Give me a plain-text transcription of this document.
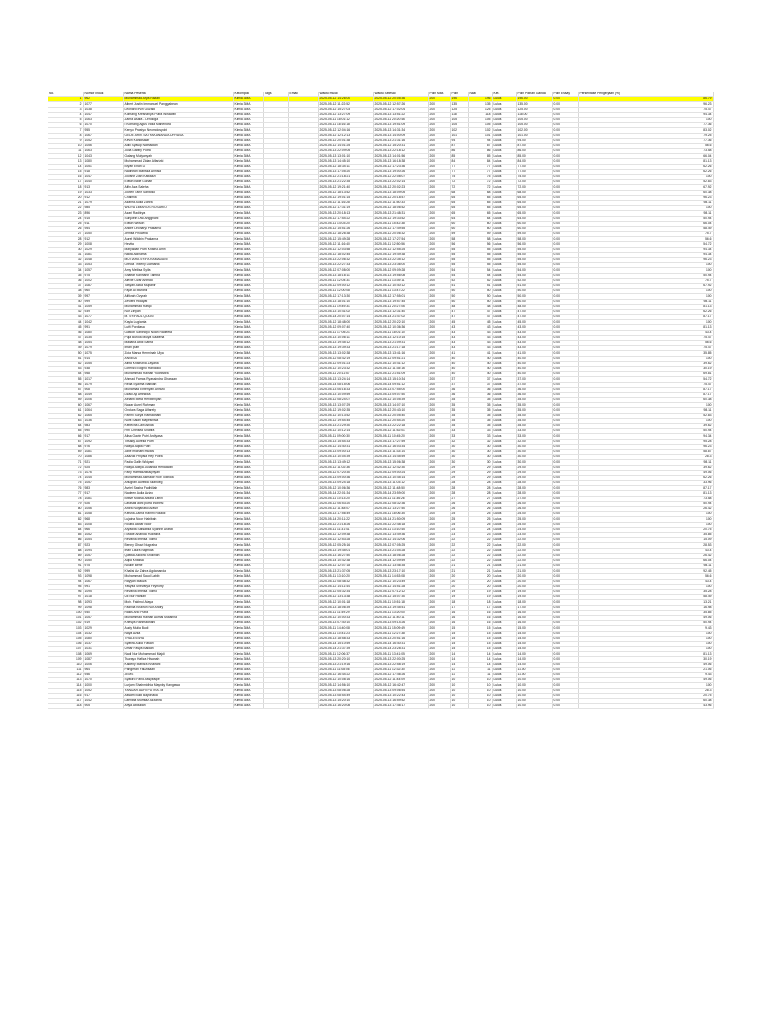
No.	Nomor Induk	Nama Peserta	Kelompok	Tags	Email	Waktu mulai	Waktu Selesai	Poin Max.	Poin	Nilai	Ket.	Poin Pilihan Ganda	Poin Essay	Persentase Pengerjaan (%)
1	962	Muhammad Arya Razan	Kimia 3MA			2025-05-12 14:26:00	2025-05-12 20:05:36	200	196	196	Lulus	196.00	0.00	86.79
2	1077	Albert Justin Immanuel Panggabean	Kimia 3MA			2025-05-12 11:22:52	2025-05-12 12:57:26	200	135	135	Lulus	135.00	0.00	96.23
3	1038	Leonard Irvin Guzadi	Kimia 3MA			2025-05-12 15:27:03	2025-05-12 17:02:04	200	125	125	Lulus	125.00	0.00	75.47
4	1047	Komang Kresnanya Putra Wirawan	Kimia 3MA			2025-05-12 13:27:09	2025-05-13 13:51:22	200	118	118	Lulus	118.00	0.00	94.34
5	1063	Zahra Asafa - Lendoga	Kimia 3MA			2025-05-11 18:01:12	2025-05-11 20:20:46	200	105	105	Lulus	105.00	0.00	100
6	1070	I Komang Agus Vidia Mahendra	Kimia 3MA			2025-05-11 18:16:18	2025-05-13 19:51:09	200	105	105	Lulus	105.00	0.00	77.36
7	955	Kenyo Prastyo Neomdosyobi	Kimia 3MA			2025-05-12 12:04:16	2025-05-13 14:31:34	200	102	102	Lulus	102.00	0.00	83.02
8	1067	GEDE ARIK SATYAKANANDA DHYASA	Kimia 3MA			2025-05-12 12:12:13	2025-05-13 14:00:09	200	101	101	Lulus	101.00	0.00	79.25
9	1052	Kevin Kandisaiar	Kimia 3MA			2025-05-12 20:01:38	2025-05-13 21:31:16	200	94	94	Lulus	94.00	0.00	77.36
10	1056	Adlil Syauqi Nathadian	Kimia 3MA			2025-05-12 14:01:25	2025-05-12 15:20:31	200	87	87	Lulus	87.00	0.00	56.6
11	1063	Julia Gabby Putra	Kimia 3MA			2025-05-13 22:09:05	2025-05-13 22:18:12	200	86	86	Lulus	86.00	0.00	73.58
12	1043	Galang Mulyanyah	Kimia 3MA			2025-05-13 13:01:10	2025-05-13 14:01:56	200	85	85	Lulus	85.00	0.00	66.04
13	1080	Muhammad Zidan Alfarizki	Kimia 3MA			2025-05-13 14:45:10	2025-05-13 16:18:38	200	84	84	Lulus	84.00	0.00	81.13
14	1051	Bryan Erlan Li	Kimia 3MA			2025-05-12 18:34:11	2025-05-12 17:23:36	200	77	77	Lulus	77.00	0.00	62.26
15	918	Nadhifah Marissa Annisa	Kimia 3MA			2025-05-13 17:05:20	2025-05-13 19:00:26	200	77	77	Lulus	77.00	0.00	62.26
16	1047	Jovahir Zian Kawazzi	Kimia 3MA			2025-05-12 21:18:21	2025-05-12 22:08:07	200	75	75	Lulus	75.00	0.00	100
17	1040	Edwin Billie Gunari	Kimia 3MA			2025-05-13 21:22:35	2025-05-13 22:02:14	200	72	72	Lulus	72.00	0.00	52.83
18	913	Alfin Aza Saleha	Kimia 3MA			2025-05-12 19:21:40	2025-05-12 20:02:23	200	72	72	Lulus	72.00	0.00	67.92
19	1033	Jovien Tahir Santoso	Kimia 3MA			2025-05-12 18:13:52	2025-05-13 18:09:05	200	68	68	Lulus	68.00	0.00	60.38
20	912	Chaimia	Kimia 3MA			2025-05-12 19:01:15	2025-05-12 20:18:57	200	65	65	Lulus	65.00	0.00	96.23
21	1079	Azahra Aulia Zahra	Kimia 3MA			2025-05-12 11:16:28	2025-05-12 11:50:33	200	65	65	Lulus	65.00	0.00	98.11
22	985	WIDYA LIMAROS ROSARIO	Kimia 3MA			2025-05-12 17:31:19	2025-05-12 18:06:52	200	65	65	Lulus	65.00	0.00	100
23	896	Azari Raditrya	Kimia 3MA			2025-05-13 20:18:13	2025-05-13 21:48:31	200	65	65	Lulus	65.00	0.00	98.11
24	915	Sunjoein Dwi Anggriani	Kimia 3MA			2025-05-12 17:54:22	2025-05-12 19:33:52	200	64	64	Lulus	64.00	0.00	50.94
25	911	Edwin Wilson	Kimia 3MA			2025-05-11 14:03:20	2025-05-11 15:42:38	200	60	60	Lulus	60.00	0.00	66.04
26	954	Andre Leonaryl Prakarno	Kimia 3MA			2025-05-12 15:51:26	2025-05-12 17:49:55	200	60	60	Lulus	60.00	0.00	58.49
27	1050	Jemita Phowiria	Kimia 3MA			2025-05-12 18:26:38	2025-05-12 20:06:32	200	59	59	Lulus	59.00	0.00	75.7
28	912	Aurel Wikibin Prakarna	Kimia 3MA			2025-05-12 15:49:28	2025-05-12 17:27:54	200	58	58	Lulus	58.00	0.00	56.6
29	1008	Hevita	Kimia 3MA			2025-05-12 11:16:40	2025-05-11 12:50:56	200	56	56	Lulus	56.00	0.00	54.72
30	1029	Maryadah Putri Khairul Amri	Kimia 3MA			2025-05-12 12:03:58	2025-05-12 12:55:25	200	55	55	Lulus	55.00	0.00	94.34
31	1081	Nikita Aldhama	Kimia 3MA			2025-05-12 18:02:45	2025-05-12 19:49:38	200	55	55	Lulus	55.00	0.00	94.34
32	1048	MUTIARA SYIFA RAMADANI	Kimia 3MA			2025-05-13 22:06:32	2025-05-13 22:35:12	200	55	55	Lulus	55.00	0.00	96.23
33	1053	Grecia Trixeny Damanik	Kimia 3MA			2025-05-13 22:27:33	2025-05-13 23:36:00	200	55	55	Lulus	55.00	0.00	100
34	1057	Amy Meilisa Syifa	Kimia 3MA			2025-05-12 07:08:00	2025-05-12 09:09:28	200	54	54	Lulus	54.00	0.00	100
35	975	Shaffar Kahriann Tamba	Kimia 3MA			2025-05-13 18:16:11	2025-05-13 19:56:08	200	54	54	Lulus	54.00	0.00	50.94
36	1002	Alexie Ozar Ahmad	Kimia 3MA			2025-05-11 12:04:31	2025-05-11 13:39:11	200	52	52	Lulus	52.00	0.00	75.7
37	1087	Tasyah Azka Mujtahir	Kimia 3MA			2025-05-12 09:00:12	2025-05-12 10:40:12	200	51	51	Lulus	51.00	0.00	67.92
38	960	Fajar Al Mufdhil	Kimia 3MA			2025-05-11 12:00:08	2025-05-11 13:47:22	200	50	50	Lulus	50.00	0.00	100
39	997	Alfikrah Ozyrah	Kimia 3MA			2025-05-12 17:13:30	2025-05-12 17:55:01	200	50	50	Lulus	50.00	0.00	100
40	999	Zevieril Hidayat	Kimia 3MA			2025-05-13 18:01:10	2025-05-13 19:57:45	200	50	50	Lulus	50.00	0.00	98.11
41	1059	Muhammad Rafqo	Kimia 3MA			2025-05-11 19:49:31	2025-05-11 20:27:06	200	48	48	Lulus	48.00	0.00	81.13
42	939	Nur Zinyah	Kimia 3MA			2025-05-13 10:41:02	2025-05-13 12:31:40	200	47	47	Lulus	47.00	0.00	62.26
43	1077	M. SYIFAUL QOLBI	Kimia 3MA			2025-05-14 20:07:14	2025-05-14 21:47:02	200	47	47	Lulus	47.00	0.00	87.17
44	1042	Kayla Lugianta	Kimia 3MA			2025-05-12 18:48:00	2025-05-12 20:22:10	200	45	45	Lulus	45.00	0.00	100
45	991	Lutfi Pordiasa	Kimia 3MA			2025-05-12 09:07:40	2025-05-12 10:36:36	200	43	43	Lulus	43.00	0.00	81.13
46	1080	Gaston Sarlindyo Noah Radeeta	Kimia 3MA			2025-05-11 17:05:21	2025-05-11 18:01:10	200	43	43	Lulus	43.00	0.00	43.4
47	1035	Puja Burola Mulya Saaiena	Kimia 3MA			2025-05-13 10:06:11	2025-05-13 12:10:15	200	43	43	Lulus	43.00	0.00	75.47
48	1054	Maliana Abdi Safira	Kimia 3MA			2025-05-13 19:45:12	2025-05-13 21:09:31	200	43	43	Lulus	43.00	0.00	56.6
49	1079	Intan putri	Kimia 3MA			2025-05-13 19:39:33	2025-05-13 21:17:18	200	43	43	Lulus	43.00	0.00	75.47
50	1075	Zoia Marsa Herminah Ulya	Kimia 3MA			2025-05-13 13:02:38	2025-05-13 13:41:16	200	41	41	Lulus	41.00	0.00	35.85
51	914	ANNISA	Kimia 3MA			2025-05-12 08:42:19	2025-05-12 09:51:21	200	40	40	Lulus	40.00	0.00	100
52	1055	Alfita Khairunia Zayana	Kimia 3MA			2025-05-12 09:01:23	2025-05-12 10:41:12	200	40	40	Lulus	40.00	0.00	39.62
53	938	Lorenzo Edgrio Handoko	Kimia 3MA			2025-05-12 10:23:32	2025-05-12 11:35:16	200	40	40	Lulus	40.00	0.00	30.19
54	958	Muhammad Raihan Yudhistira	Kimia 3MA			2025-05-11 20:11:57	2025-05-12 21:51:09	200	40	40	Lulus	40.00	0.00	69.81
55	1017	Ahmad Farras Ryassindra Ghassan	Kimia 3MA			2025-05-13 13:24:14	2025-05-13 15:10:34	200	37	37	Lulus	37.00	0.00	54.72
56	1079	Reda Syaima Nabilah	Kimia 3MA			2025-05-14 08:15:06	2025-05-14 09:51:12	200	37	37	Lulus	37.00	0.00	75.47
57	908	Muhamad Entenyah Annizo	Kimia 3MA			2025-05-13 06:16:33	2025-05-13 07:55:00	200	36	36	Lulus	36.00	0.00	87.17
58	1049	Dzaki Aji Affindika	Kimia 3MA			2025-05-13 10:09:59	2025-05-13 09:07:50	200	36	36	Lulus	36.00	0.00	87.17
59	1006	Afrianti Meta Herwinnyah	Kimia 3MA			2025-05-12 08:24:07	2025-05-12 10:05:39	200	35	35	Lulus	35.00	0.00	60.38
60	1067	Nazar Aurel Rahman	Kimia 3MA			2025-05-13 13:07:29	2025-05-13 14:07:10	200	35	35	Lulus	35.00	0.00	100
61	1064	Ondura Saga Alfarely	Kimia 3MA			2025-05-12 19:02:35	2025-05-12 20:43:10	200	35	35	Lulus	35.00	0.00	98.11
62	1065	Fahmi Surya Ramadhani	Kimia 3MA			2025-05-12 10:13:52	2025-05-12 20:05:40	200	35	35	Lulus	35.00	0.00	52.83
63	1036	Nurit Salah Mayesinsia	Kimia 3MA			2025-05-12 19:54:45	2025-05-12 20:54:20	200	35	35	Lulus	35.00	0.00	100
64	983	Kebecha Laifi Abida	Kimia 3MA			2025-05-13 21:29:30	2025-05-13 22:22:18	200	35	35	Lulus	35.00	0.00	39.62
65	990	Fitri Chelsea Shafira	Kimia 3MA			2025-05-12 10:12:14	2025-05-12 11:52:01	200	33	33	Lulus	33.00	0.00	50.94
66	917	Alisa Gavin Putri Ardiyasa	Kimia 3MA			2025-05-11 09:00:30	2025-05-11 10:45:20	200	33	33	Lulus	33.00	0.00	94.34
67	1092	Titsady Aurelia Putri	Kimia 3MA			2025-05-13 15:54:33	2025-05-13 17:27:59	200	32	32	Lulus	32.00	0.00	95.28
68	976	Nasya Aqilla Putri	Kimia 3MA			2025-05-12 14:40:31	2025-05-12 16:03:34	200	30	30	Lulus	30.00	0.00	96.23
69	1081	Jaxe michael mulkis	Kimia 3MA			2025-05-13 09:00:13	2025-05-13 11:33:14	200	30	30	Lulus	30.00	0.00	58.87
70	1086	Zaazuk Pinyala Hey Putra	Kimia 3MA			2025-05-13 10:04:39	2025-05-13 14:45:59	200	30	30	Lulus	30.00	0.00	28.3
71	921	Fadia Galih Widyani	Kimia 3MA			2025-05-13 13:49:12	2025-05-13 15:06:38	200	30	30	Lulus	30.00	0.00	98.11
72	925	Rasya Aditya Julianda Herdawan	Kimia 3MA			2025-05-12 11:02:36	2025-05-12 12:42:30	200	29	29	Lulus	29.00	0.00	39.62
73	1076	Fahy Hafmidzatusyhyah	Kimia 3MA			2025-05-12 07:20:30	2025-05-12 09:00:24	200	29	29	Lulus	29.00	0.00	49.06
74	1045	Muhammad Akmadir Rolf Tolindia	Kimia 3MA			2025-05-13 09:00:36	2025-05-13 10:45:14	200	29	29	Lulus	29.00	0.00	62.26
75	1057	Anugrah Aurellia Silahoeg	Kimia 3MA			2025-05-13 09:24:18	2025-05-13 11:03:12	200	28	28	Lulus	28.00	0.00	33.96
76	983	Avriel Sasha Fadhillah	Kimia 3MA			2025-05-12 10:06:36	2025-05-12 11:48:50	200	28	28	Lulus	28.00	0.00	87.17
77	917	Nadeen Aulia Azizo	Kimia 3MA			2025-05-14 22:01:34	2025-05-14 23:59:00	200	28	28	Lulus	28.00	0.00	81.13
78	1081	Brave Moksa Abiara Lithin	Kimia 3MA			2025-05-11 10:13:20	2025-05-11 11:36:26	200	27	27	Lulus	27.00	0.00	73.58
79	926	Larasati adhi putra Inonesi	Kimia 3MA			2025-05-12 06:53:20	2025-05-12 08:32:36	200	26	26	Lulus	26.00	0.00	50.94
80	1056	Ardra Nurjanatul Arasif	Kimia 3MA			2025-05-12 11:48:07	2025-05-12 13:27:50	200	26	26	Lulus	26.00	0.00	26.42
81	1058	Keisha Zahra Rahmi Rizaldi	Kimia 3MA			2025-05-13 17:56:49	2025-05-11 18:06:35	200	25	25	Lulus	25.00	0.00	100
82	968	Lujaina Noor Habibah	Kimia 3MA			2025-05-14 20:11:22	2025-05-14 21:50:09	200	25	25	Lulus	25.00	0.00	100
83	1008	Roufid Akbar Noor	Kimia 3MA			2025-05-12 21:18:26	2025-05-12 22:48:18	200	25	25	Lulus	25.00	0.00	100
84	966	Aryadita Satsabila Syahrih Arafat	Kimia 3MA			2025-05-11 11:31:41	2025-05-11 13:10:45	200	24	24	Lulus	24.00	0.00	20.75
85	1052	I Made Ananda Yudistira	Kimia 3MA			2025-05-12 12:09:38	2025-05-12 13:49:36	200	23	23	Lulus	23.00	0.00	35.85
86	1054	Revania Imelsa Tiomo	Kimia 3MA			2025-05-12 12:53:28	2025-05-12 14:32:06	200	22	22	Lulus	22.00	0.00	15.09
87	923	Benny Ghazi Nugraha	Kimia 3MA			2025-05-12 05:25:16	2025-05-12 07:05:25	200	22	22	Lulus	22.00	0.00	28.53
88	1094	Irtan Laura Najmida	Kimia 3MA			2025-05-13 19:45:01	2025-05-13 21:04:28	200	22	22	Lulus	22.00	0.00	43.4
89	1057	Qaswa Alodira Sholihah	Kimia 3MA			2025-05-13 16:27:50	2025-05-13 18:06:28	200	22	22	Lulus	22.00	0.00	26.42
90	1050	Aqila Khassa	Kimia 3MA			2025-05-14 10:42:38	2025-05-14 12:09:59	200	22	22	Lulus	22.00	0.00	66.04
91	975	Noulie Bene	Kimia 3MA			2025-05-12 12:07:18	2025-05-12 13:46:35	200	21	21	Lulus	21.00	0.00	98.11
92	999	Khalisi Az Zahra Agdananda	Kimia 3MA			2025-05-13 21:37:05	2025-05-13 23:17:10	200	21	21	Lulus	21.00	0.00	92.45
93	1098	Muhammad Saud Labib	Kimia 3MA			2025-05-11 13:10:20	2025-05-11 14:53:08	200	20	20	Lulus	20.00	0.00	56.6
94	1067	Rayyan Mauza	Kimia 3MA			2025-05-12 08:48:32	2025-05-12 10:23:49	200	20	20	Lulus	20.00	0.00	43.4
95	991	Yasyfia Shevarya Firyrlorty	Kimia 3MA			2025-05-12 14:11:44	2025-05-12 14:51:28	200	20	20	Lulus	20.00	0.00	100
96	1095	Revania Imelsa Tiomo	Kimia 3MA			2025-05-12 05:32:34	2025-05-12 07:12:12	200	19	19	Lulus	19.00	0.00	35.28
97	1018	Uli Nur Haniah	Kimia 3MA			2025-05-12 13:13:38	2025-05-12 15:07:30	200	19	19	Lulus	19.00	0.00	58.49
98	1093	Moh. Fakhrul Ataya	Kimia 3MA			2025-05-12 10:01:18	2025-05-11 10:51:18	200	18	18	Lulus	18.00	0.00	13.21
99	1098	Fadhila Khairun Nur Andry	Kimia 3MA			2025-05-13 18:06:39	2025-05-13 19:45:51	200	17	17	Lulus	17.00	0.00	16.98
100	940	Rakis Ario Putra	Kimia 3MA			2025-05-11 11:49:29	2025-05-11 13:20:00	200	16	16	Lulus	16.00	0.00	35.85
101	1057	Muhammad Raihan Akmal Mutanha	Kimia 3MA			2025-05-12 10:00:33	2025-05-12 11:40:11	200	16	16	Lulus	16.00	0.00	49.06
102	919	Khesya Rahmadhani	Kimia 3MA			2025-05-13 07:40:10	2025-05-13 09:14:26	200	16	16	Lulus	16.00	0.00	50.94
103	1029	Audy Mulia Budi	Kimia 3MA			2025-05-11 14:40:08	2025-05-11 15:09:49	200	15	15	Lulus	15.00	0.00	9.43
104	1032	Naya Azka	Kimia 3MA			2025-05-11 10:41:23	2025-05-11 12:27:38	200	15	15	Lulus	15.00	0.00	100
105	1080	THALESSHA	Kimia 3MA			2025-05-13 18:58:33	2025-05-13 20:51:16	200	15	15	Lulus	15.00	0.00	100
106	1037	Syafira Aulia Yuwari	Kimia 3MA			2025-05-14 15:10:59	2025-05-14 16:40:31	200	15	15	Lulus	15.00	0.00	100
107	1031	Umar Fasya Baldah	Kimia 3MA			2025-05-14 21:37:39	2025-05-14 23:28:31	200	15	15	Lulus	15.00	0.00	100
108	1069	Nadi Nur Muhammad Majdi	Kimia 3MA			2025-05-11 12:06:37	2025-05-11 13:41:05	200	14	14	Lulus	14.00	0.00	81.13
109	1087	Tsurayo Hafiza Hisanah	Kimia 3MA			2025-05-13 20:20:10	2025-05-13 22:00:25	200	14	14	Lulus	14.00	0.00	30.19
110	1006	Kadeny Maritza Khairani	Kimia 3MA			2025-05-13 21:19:16	2025-05-13 22:58:19	200	14	14	Lulus	14.00	0.00	49.06
111	964	Pangeran Fauzisaan	Kimia 3MA			2025-05-11 11:08:06	2025-05-11 12:32:30	200	11	11	Lulus	11.00	0.00	21.06
112	946	JEMS	Kimia 3MA			2025-05-12 16:44:22	2025-05-12 17:46:26	200	11	11	Lulus	11.00	0.00	9.43
113	1070	Syakiro Farid Assyifaqie	Kimia 3MA			2025-05-12 10:08:16	2025-05-12 11:44:09	200	10	10	Lulus	10.00	0.00	49.06
114	1000	Lurjam Shahmidhia Maynky Kangawa	Kimia 3MA			2025-05-12 14:56:10	2025-05-12 16:42:47	200	10	10	Lulus	10.00	0.00	100
115	1052	YANUAR ADHI PUTRA. M	Kimia 3MA			2025-05-13 08:06:28	2025-05-13 09:06:54	200	10	10	Lulus	10.00	0.00	28.3
116	917	Assam Budi Bayonaka	Kimia 3MA			2025-05-13 08:54:49	2025-05-13 10:22:43	200	10	10	Lulus	10.00	0.00	20.75
117	1042	Laehiba Mumtaz Azzahra	Kimia 3MA			2025-05-13 15:20:10	2025-05-13 16:59:52	200	10	10	Lulus	10.00	0.00	60.38
118	905	Ariya Abdullah	Kimia 3MA			2025-05-13 16:20:08	2025-05-13 17:46:17	200	10	10	Lulus	10.00	0.00	43.96
